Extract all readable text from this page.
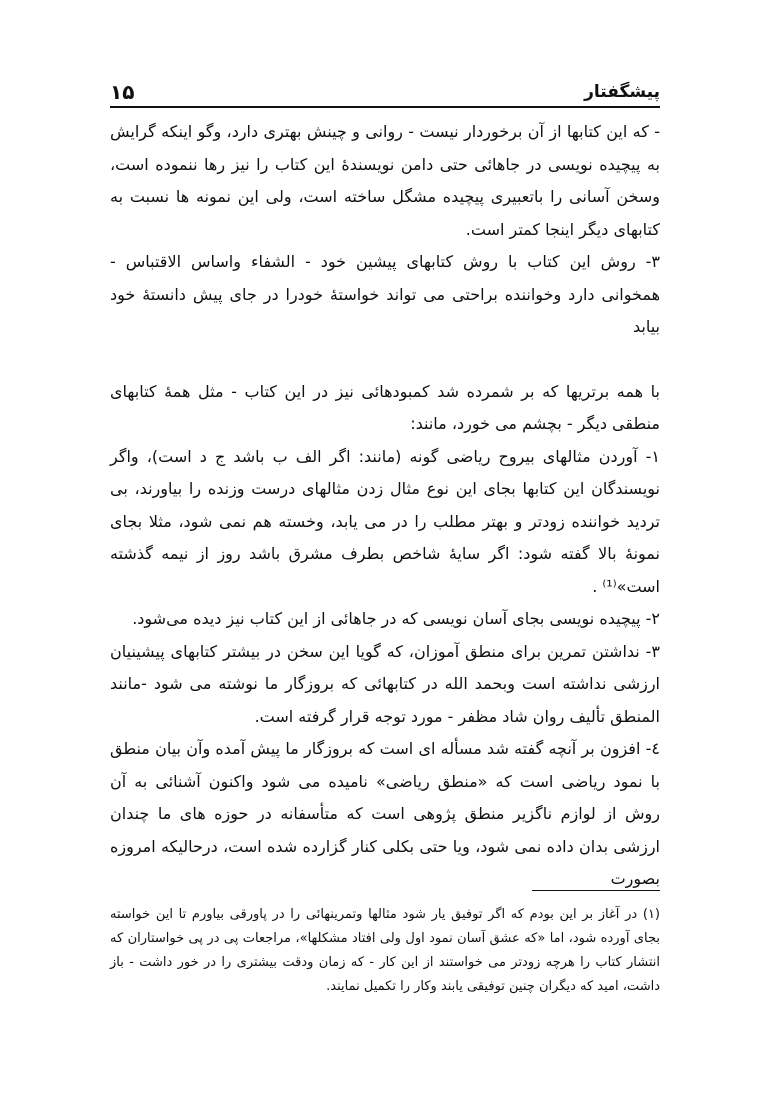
۱۵	پیشگفتار

- که این کتابها از آن برخوردار نیست - روانی و چینش بهتری دارد، وگو اینکه گرایش به پیچیده نویسی در جاهائی حتی دامن نویسندهٔ این کتاب را نیز رها ننموده است، وسخن آسانی را باتعبیری پیچیده مشگل ساخته است، ولی این نمونه ها نسبت به کتابهای دیگر اینجا کمتر است.

۳- روش این کتاب با روش کتابهای پیشین خود - الشفاء واساس الاقتباس - همخوانی دارد وخواننده براحتی می تواند خواستهٔ خودرا در جای پیش دانستهٔ خود بیابد

با همه برتریها که بر شمرده شد کمبودهائی نیز در این کتاب - مثل همهٔ کتابهای منطقی دیگر - بچشم می خورد، مانند:

۱- آوردن مثالهای بیروح ریاضی گونه (مانند: اگر الف ب باشد ج د است)، واگر نویسندگان این کتابها بجای این نوع مثال زدن مثالهای درست وزنده را بیاورند، بی تردید خواننده زودتر و بهتر مطلب را در می یابد، وخسته هم نمی شود، مثلا بجای نمونهٔ بالا گفته شود: اگر سایهٔ شاخص بطرف مشرق باشد روز از نیمه گذشته است»⁽¹⁾ .

۲- پیچیده نویسی بجای آسان نویسی که در جاهائی از این کتاب نیز دیده می‌شود.

۳- نداشتن تمرین برای منطق آموزان، که گویا این سخن در بیشتر کتابهای پیشینیان ارزشی نداشته است وبحمد الله در کتابهائی که بروزگار ما نوشته می شود -مانند المنطق تألیف روان شاد مظفر - مورد توجه قرار گرفته است.

٤- افزون بر آنچه گفته شد مسأله ای است که بروزگار ما پیش آمده وآن بیان منطق با نمود ریاضی است که «منطق ریاضی» نامیده می شود واکنون آشنائی به آن روش از لوازم ناگزیر منطق پژوهی است که متأسفانه در حوزه های ما چندان ارزشی بدان داده نمی شود، ویا حتی بکلی کنار گزارده شده است، درحالیکه امروزه بصورت

(۱) در آغاز بر این بودم که اگر توفیق یار شود مثالها وتمرینهائی را در پاورقی بیاورم تا این خواسته بجای آورده شود، اما «که عشق آسان نمود اول ولی افتاد مشکلها»، مراجعات پی در پی خواستاران که انتشار کتاب را هرچه زودتر می خواستند از این کار - که زمان ودقت بیشتری را در خور داشت - باز داشت، امید که دیگران چنین توفیقی یابند وکار را تکمیل نمایند.
